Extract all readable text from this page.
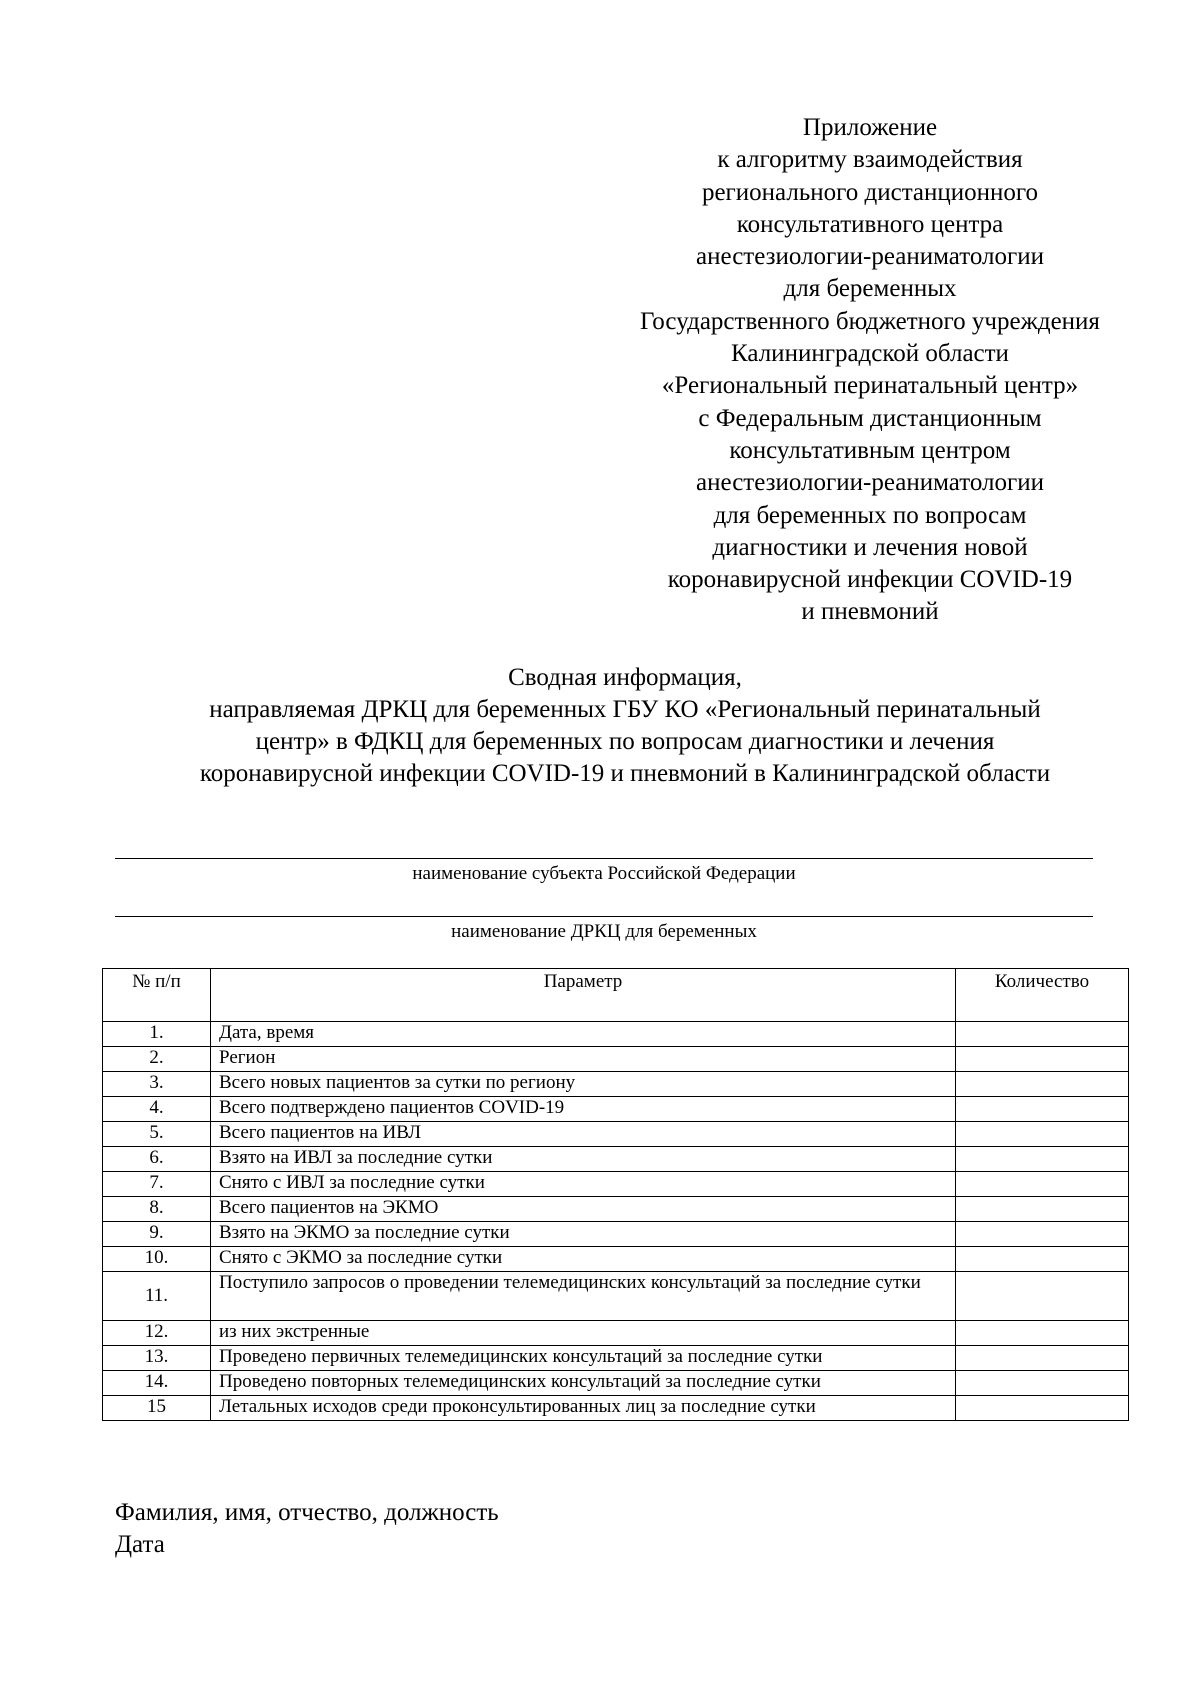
Приложение
к алгоритму взаимодействия
регионального дистанционного
консультативного центра
анестезиологии-реаниматологии
для беременных
Государственного бюджетного учреждения
Калининградской области
«Региональный перинатальный центр»
с Федеральным дистанционным
консультативным центром
анестезиологии-реаниматологии
для беременных по вопросам
диагностики и лечения новой
коронавирусной инфекции COVID-19
и пневмоний
Сводная информация,
направляемая ДРКЦ для беременных ГБУ КО «Региональный перинатальный
центр» в ФДКЦ для беременных по вопросам диагностики и лечения
коронавирусной инфекции COVID-19 и пневмоний в Калининградской области
наименование субъекта Российской Федерации
наименование ДРКЦ для беременных
№ п/п	Параметр	Количество
1.	Дата, время	
2.	Регион	
3.	Всего новых пациентов за сутки по региону	
4.	Всего подтверждено пациентов COVID-19	
5.	Всего пациентов на ИВЛ	
6.	Взято на ИВЛ за последние сутки	
7.	Снято с ИВЛ за последние сутки	
8.	Всего пациентов на ЭКМО	
9.	Взято на ЭКМО за последние сутки	
10.	Снято с ЭКМО за последние сутки	
11.	Поступило запросов о проведении телемедицинских консультаций за последние сутки	
12.	из них экстренные	
13.	Проведено первичных телемедицинских консультаций за последние сутки	
14.	Проведено повторных телемедицинских консультаций за последние сутки	
15	Летальных исходов среди проконсультированных лиц за последние сутки	
Фамилия, имя, отчество, должность
Дата
